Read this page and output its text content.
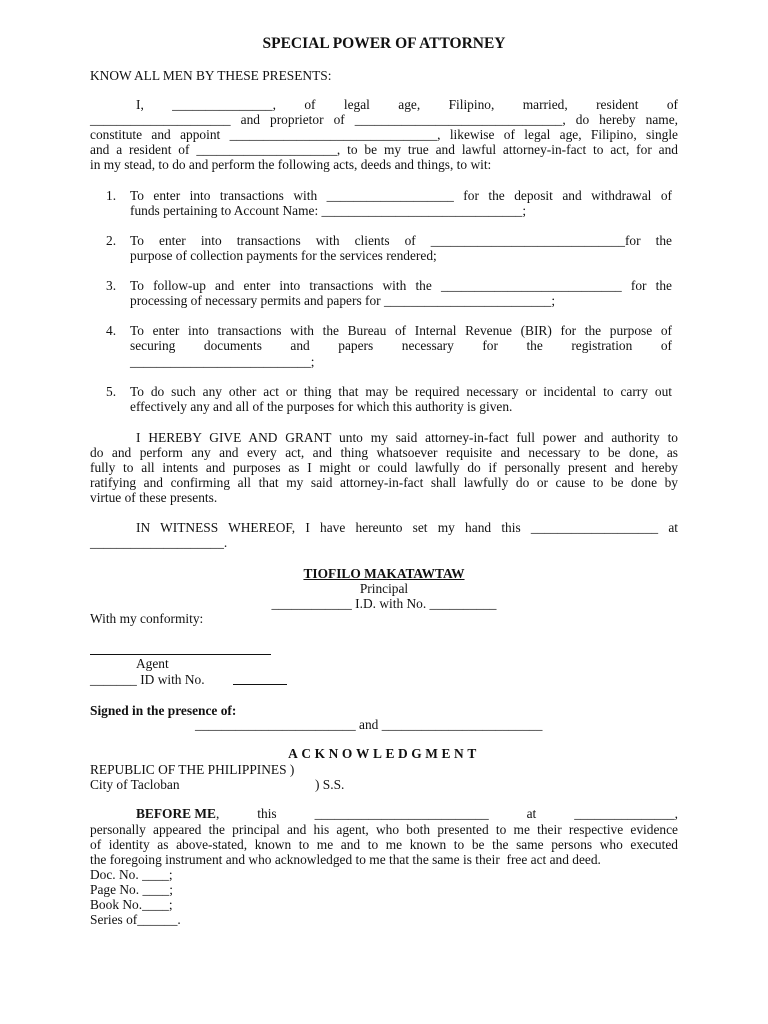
SPECIAL POWER OF ATTORNEY
KNOW ALL MEN BY THESE PRESENTS:
I, _______________, of legal age, Filipino, married, resident of
_____________________ and proprietor of _______________________________, do hereby name,
constitute and appoint _______________________________, likewise of legal age, Filipino, single
and a resident of _____________________, to be my true and lawful attorney-in-fact to act, for and
in my stead, to do and perform the following acts, deeds and things, to wit:
1. To enter into transactions with ___________________ for the deposit and withdrawal of
funds pertaining to Account Name: ______________________________;
2. To enter into transactions with clients of _____________________________for the
purpose of collection payments for the services rendered;
3. To follow-up and enter into transactions with the ___________________________ for the
processing of necessary permits and papers for _________________________;
4. To enter into transactions with the Bureau of Internal Revenue (BIR) for the purpose of
securing documents and papers necessary for the registration of
___________________________;
5. To do such any other act or thing that may be required necessary or incidental to carry out
effectively any and all of the purposes for which this authority is given.
I HEREBY GIVE AND GRANT unto my said attorney-in-fact full power and authority to
do and perform any and every act, and thing whatsoever requisite and necessary to be done, as
fully to all intents and purposes as I might or could lawfully do if personally present and hereby
ratifying and confirming all that my said attorney-in-fact shall lawfully do or cause to be done by
virtue of these presents.
IN WITNESS WHEREOF, I have hereunto set my hand this ___________________ at
____________________.
TIOFILO MAKATAWTAW
Principal
____________ I.D. with No. __________
With my conformity:
Agent
_______ ID with No.
Signed in the presence of:
________________________ and ________________________
ACKNOWLEDGMENT
REPUBLIC OF THE PHILIPPINES )
City of Tacloban	) S.S.
BEFORE ME ,   this   __________________________   at   _______________,
personally appeared the principal and his agent, who both presented to me their respective evidence
of identity as above-stated, known to me and to me known to be the same persons who executed
the foregoing instrument and who acknowledged to me that the same is their  free act and deed.
Doc. No. ____;
Page No. ____;
Book No.____;
Series of______.
